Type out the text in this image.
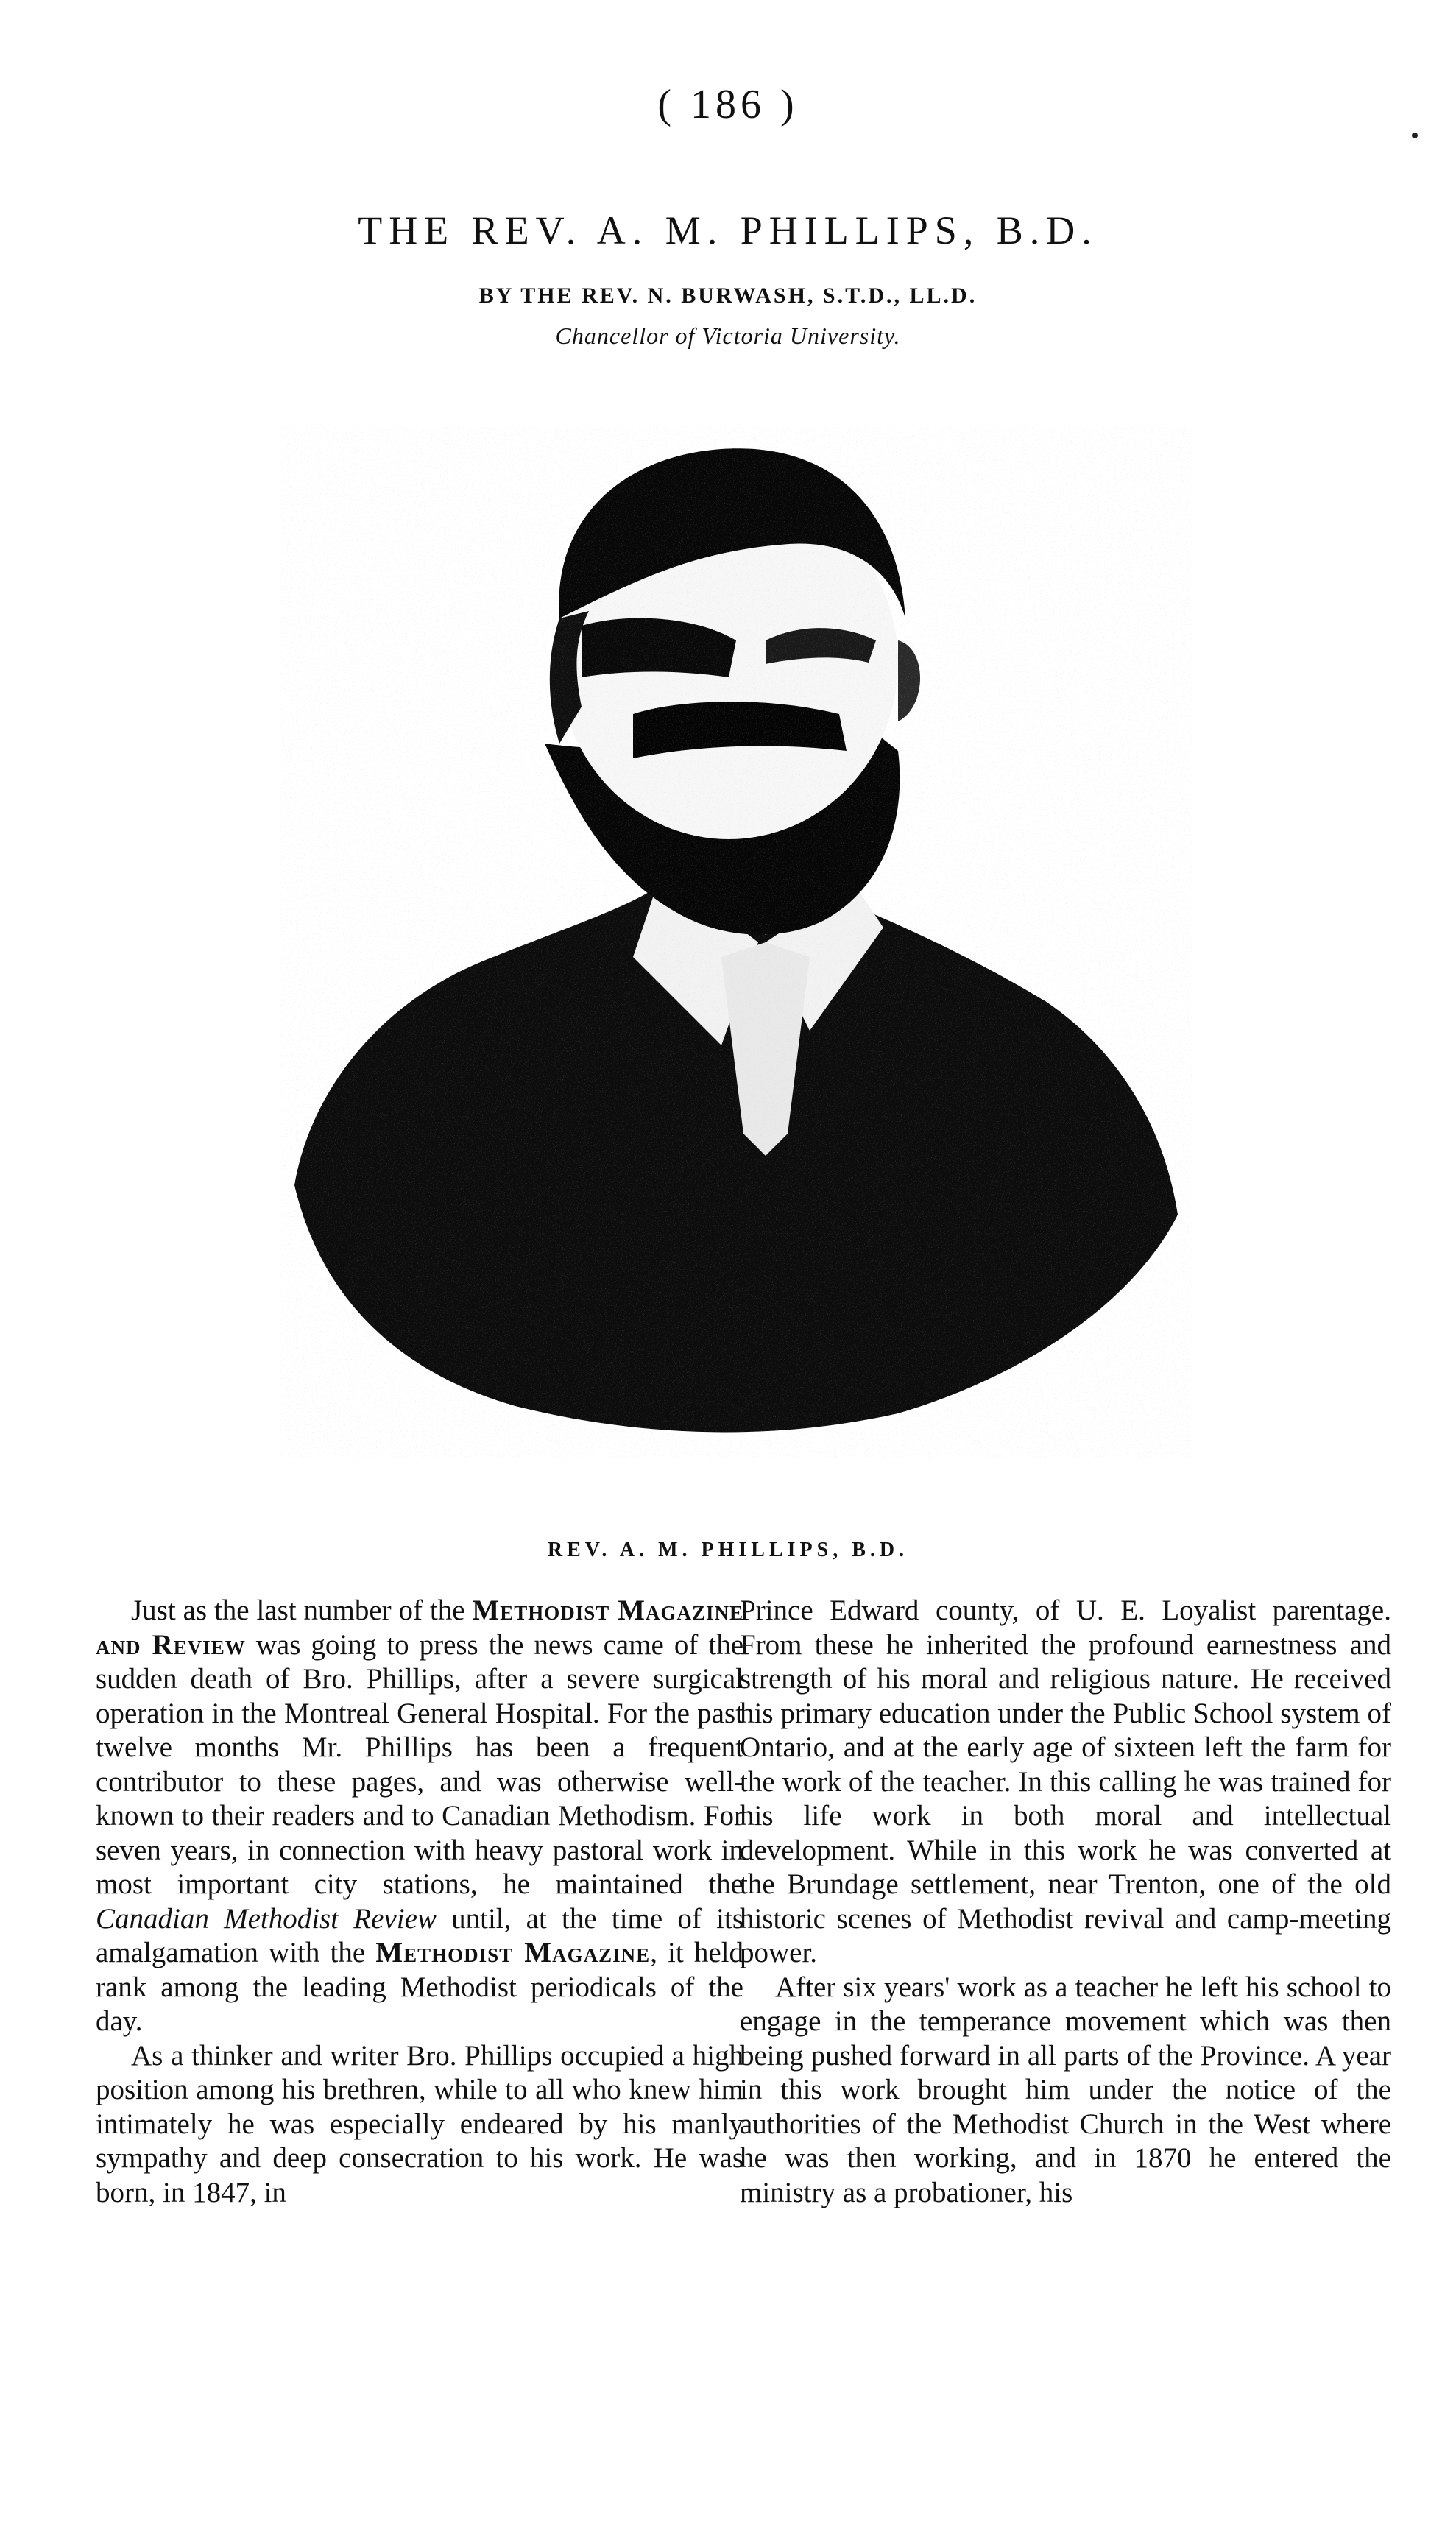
( 186 )
THE REV. A. M. PHILLIPS, B.D.
BY THE REV. N. BURWASH, S.T.D., LL.D.
Chancellor of Victoria University.
REV. A. M. PHILLIPS, B.D.

Just as the last number of the Methodist Magazine and Review was going to press the news came of the sudden death of Bro. Phillips, after a severe surgical operation in the Montreal General Hospital. For the past twelve months Mr. Phillips has been a frequent contributor to these pages, and was otherwise well-known to their readers and to Canadian Methodism. For seven years, in connection with heavy pastoral work in most important city stations, he maintained the Canadian Methodist Review until, at the time of its amalgamation with the Methodist Magazine, it held rank among the leading Methodist periodicals of the day.

As a thinker and writer Bro. Phillips occupied a high position among his brethren, while to all who knew him intimately he was especially endeared by his manly sympathy and deep consecration to his work. He was born, in 1847, in

Prince Edward county, of U. E. Loyalist parentage. From these he inherited the profound earnestness and strength of his moral and religious nature. He received his primary education under the Public School system of Ontario, and at the early age of sixteen left the farm for the work of the teacher. In this calling he was trained for his life work in both moral and intellectual development. While in this work he was converted at the Brundage settlement, near Trenton, one of the old historic scenes of Methodist revival and camp-meeting power.

After six years' work as a teacher he left his school to engage in the temperance movement which was then being pushed forward in all parts of the Province. A year in this work brought him under the notice of the authorities of the Methodist Church in the West where he was then working, and in 1870 he entered the ministry as a probationer, his
